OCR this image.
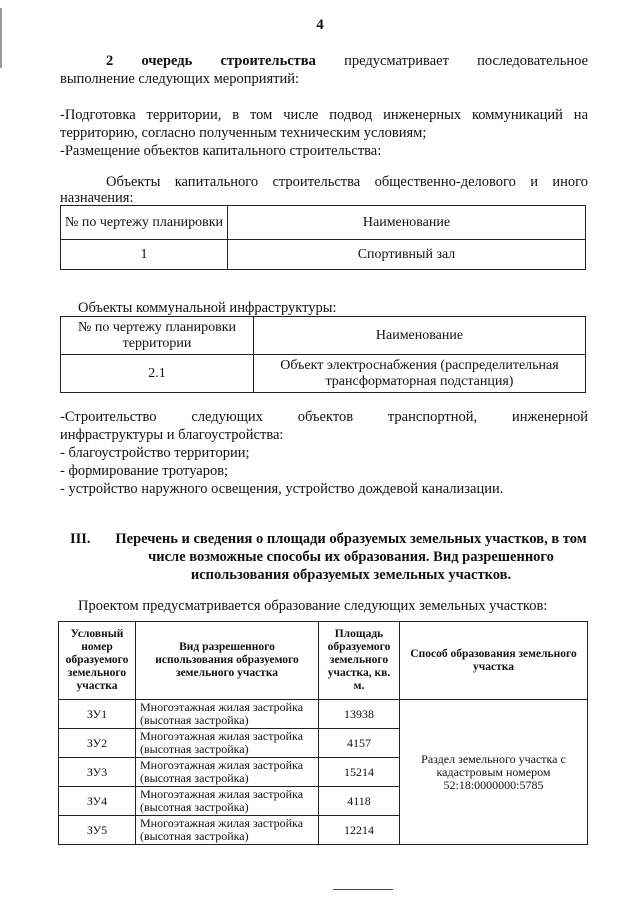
4
2 очередь строительства предусматривает последовательное
выполнение следующих мероприятий:
-Подготовка территории, в том числе подвод инженерных коммуникаций на территорию, согласно полученным техническим условиям;
-Размещение объектов капитального строительства:
Объекты капитального строительства общественно-делового и иного
назначения:
№ по чертежу планировки	Наименование
1	Спортивный зал
Объекты коммунальной инфраструктуры:
№ по чертежу планировки территории	Наименование
2.1	Объект электроснабжения (распределительная трансформаторная подстанция)
-Строительство следующих объектов транспортной, инженерной
инфраструктуры и благоустройства:
- благоустройство территории;
- формирование тротуаров;
- устройство наружного освещения, устройство дождевой канализации.
III. Перечень и сведения о площади образуемых земельных участков, в том числе возможные способы их образования. Вид разрешенного использования образуемых земельных участков.
Проектом предусматривается образование следующих земельных участков:
Условный номер образуемого земельного участка	Вид разрешенного использования образуемого земельного участка	Площадь образуемого земельного участка, кв. м.	Способ образования земельного участка
ЗУ1	Многоэтажная жилая застройка (высотная застройка)	13938	Раздел земельного участка с кадастровым номером 52:18:0000000:5785
ЗУ2	Многоэтажная жилая застройка (высотная застройка)	4157	
ЗУ3	Многоэтажная жилая застройка (высотная застройка)	15214	
ЗУ4	Многоэтажная жилая застройка (высотная застройка)	4118	
ЗУ5	Многоэтажная жилая застройка (высотная застройка)	12214	
